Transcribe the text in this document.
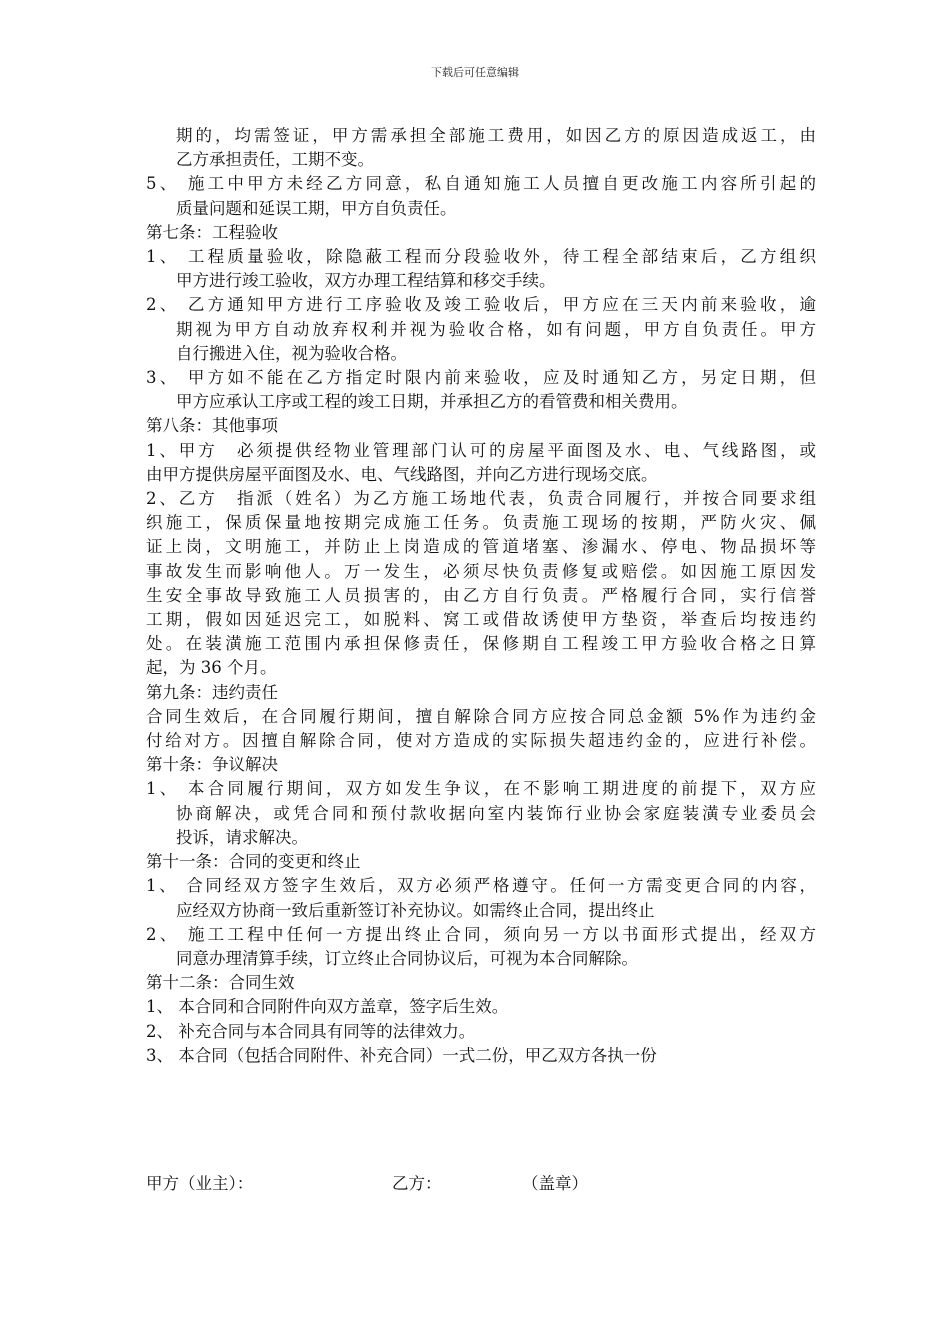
下载后可任意编辑
期的，均需签证，甲方需承担全部施工费用，如因乙方的原因造成返工，由
乙方承担责任，工期不变。
5、 施工中甲方未经乙方同意，私自通知施工人员擅自更改施工内容所引起的
质量问题和延误工期，甲方自负责任。
第七条：工程验收
1、 工程质量验收，除隐蔽工程而分段验收外，待工程全部结束后，乙方组织
甲方进行竣工验收，双方办理工程结算和移交手续。
2、 乙方通知甲方进行工序验收及竣工验收后，甲方应在三天内前来验收，逾
期视为甲方自动放弃权利并视为验收合格，如有问题，甲方自负责任。甲方
自行搬进入住，视为验收合格。
3、 甲方如不能在乙方指定时限内前来验收，应及时通知乙方，另定日期，但
甲方应承认工序或工程的竣工日期，并承担乙方的看管费和相关费用。
第八条：其他事项
1、甲方　必须提供经物业管理部门认可的房屋平面图及水、电、气线路图，或
由甲方提供房屋平面图及水、电、气线路图，并向乙方进行现场交底。
2、乙方　指派（姓名）为乙方施工场地代表，负责合同履行，并按合同要求组
织施工，保质保量地按期完成施工任务。负责施工现场的按期，严防火灾、佩
证上岗，文明施工，并防止上岗造成的管道堵塞、渗漏水、停电、物品损坏等
事故发生而影响他人。万一发生，必须尽快负责修复或赔偿。如因施工原因发
生安全事故导致施工人员损害的，由乙方自行负责。严格履行合同，实行信誉
工期，假如因延迟完工，如脱料、窝工或借故诱使甲方垫资，举查后均按违约
处。在装潢施工范围内承担保修责任，保修期自工程竣工甲方验收合格之日算
起，为 36 个月。
第九条：违约责任
合同生效后，在合同履行期间，擅自解除合同方应按合同总金额 5%作为违约金
付给对方。因擅自解除合同，使对方造成的实际损失超违约金的，应进行补偿。
第十条：争议解决
1、 本合同履行期间，双方如发生争议，在不影响工期进度的前提下，双方应
协商解决，或凭合同和预付款收据向室内装饰行业协会家庭装潢专业委员会
投诉，请求解决。
第十一条：合同的变更和终止
1、 合同经双方签字生效后，双方必须严格遵守。任何一方需变更合同的内容，
应经双方协商一致后重新签订补充协议。如需终止合同，提出终止
2、 施工工程中任何一方提出终止合同，须向另一方以书面形式提出，经双方
同意办理清算手续，订立终止合同协议后，可视为本合同解除。
第十二条：合同生效
1、 本合同和合同附件向双方盖章，签字后生效。
2、 补充合同与本合同具有同等的法律效力。
3、 本合同（包括合同附件、补充合同）一式二份，甲乙双方各执一份
甲方（业主）：	乙方：	（盖章）
